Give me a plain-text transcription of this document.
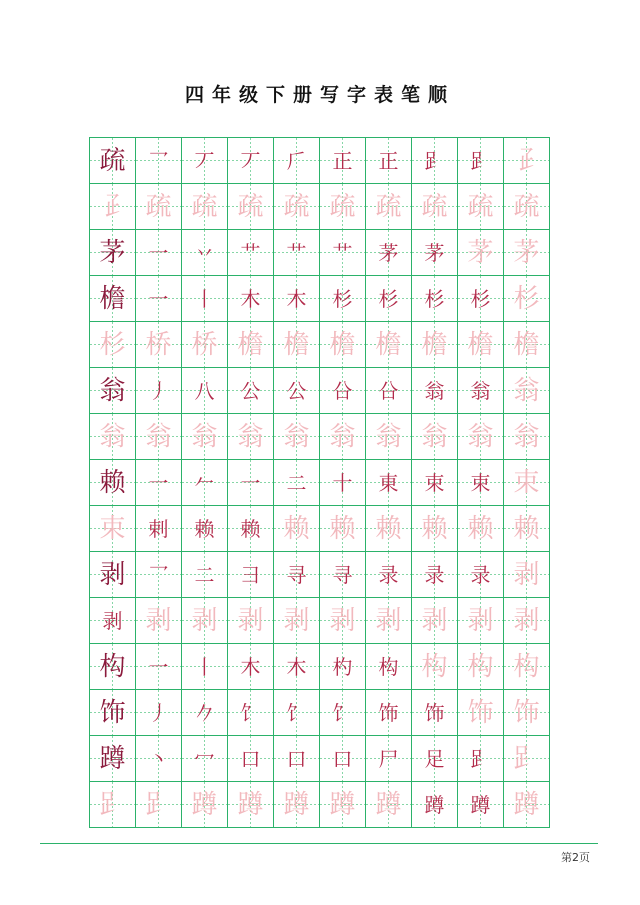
四年级下册写字表笔顺
疏	乛	丆	丆	𠂆	正	正	𧾷	𧾷 𤴔
𤴔 疏 疏 疏 疏 疏 疏 疏 疏 疏
茅	一	丷	艹	艹	艹	茅	茅 茅 茅
檐	一	丨	木	木	杉	杉	杉	杉 杉
杉 桥 桥 檐 檐 檐 檐 檐 檐 檐
翁	丿	八	公	公	㕣	㕣	翁	翁 翁
翁 翁 翁 翁 翁 翁 翁 翁 翁 翁
赖	一	𠂉	一	二	十	東	束	束 束
束	剌	赖	赖 赖 赖 赖 赖 赖 赖
剥	乛	二	彐	寻	寻	录	录	录 剥
剥 剥 剥 剥 剥 剥 剥 剥 剥 剥
构	一	丨	木	木	杓	构 构 构 构
饰	丿	𠂊	饣	饣	饣	饰	饰 饰 饰
蹲	丶	冖	口	口	口	尸	足	𧾷 𧾷
𧾷 𧾷 蹲 蹲 蹲 蹲 蹲	蹲	蹲 蹲
第2页
